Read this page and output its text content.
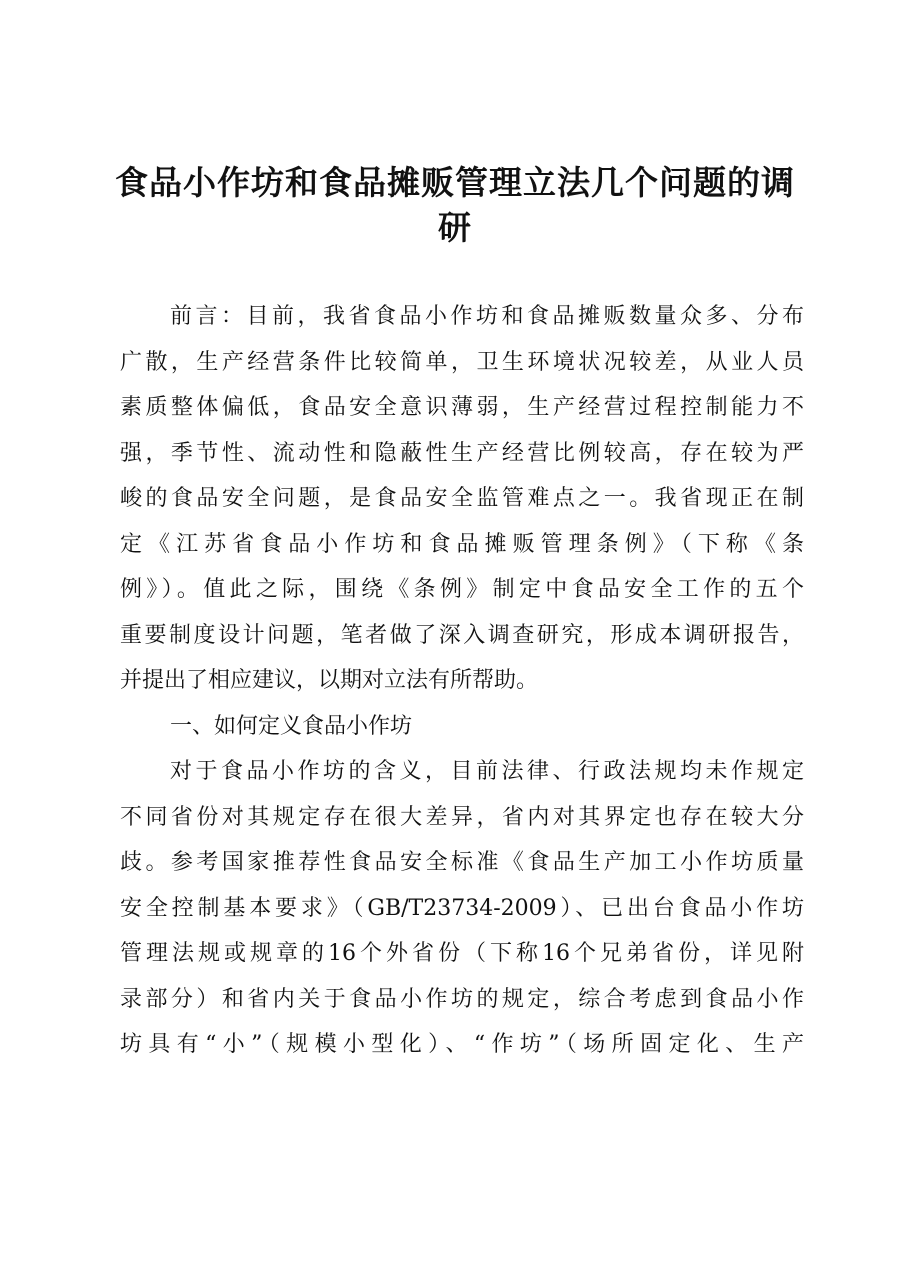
食品小作坊和食品摊贩管理立法几个问题的调
研
前言：目前，我省食品小作坊和食品摊贩数量众多、分布
广散，生产经营条件比较简单，卫生环境状况较差，从业人员
素质整体偏低，食品安全意识薄弱，生产经营过程控制能力不
强，季节性、流动性和隐蔽性生产经营比例较高，存在较为严
峻的食品安全问题，是食品安全监管难点之一。我省现正在制
定《江苏省食品小作坊和食品摊贩管理条例》（下称《条
例》）。值此之际，围绕《条例》制定中食品安全工作的五个
重要制度设计问题，笔者做了深入调查研究，形成本调研报告，
并提出了相应建议，以期对立法有所帮助。
一、如何定义食品小作坊
对于食品小作坊的含义，目前法律、行政法规均未作规定
不同省份对其规定存在很大差异，省内对其界定也存在较大分
歧。参考国家推荐性食品安全标准《食品生产加工小作坊质量
安全控制基本要求》（GB/T23734-2009）、已出台食品小作坊
管理法规或规章的16个外省份（下称16个兄弟省份，详见附
录部分）和省内关于食品小作坊的规定，综合考虑到食品小作
坊具有“小”（规模小型化）、“作坊”（场所固定化、生产
